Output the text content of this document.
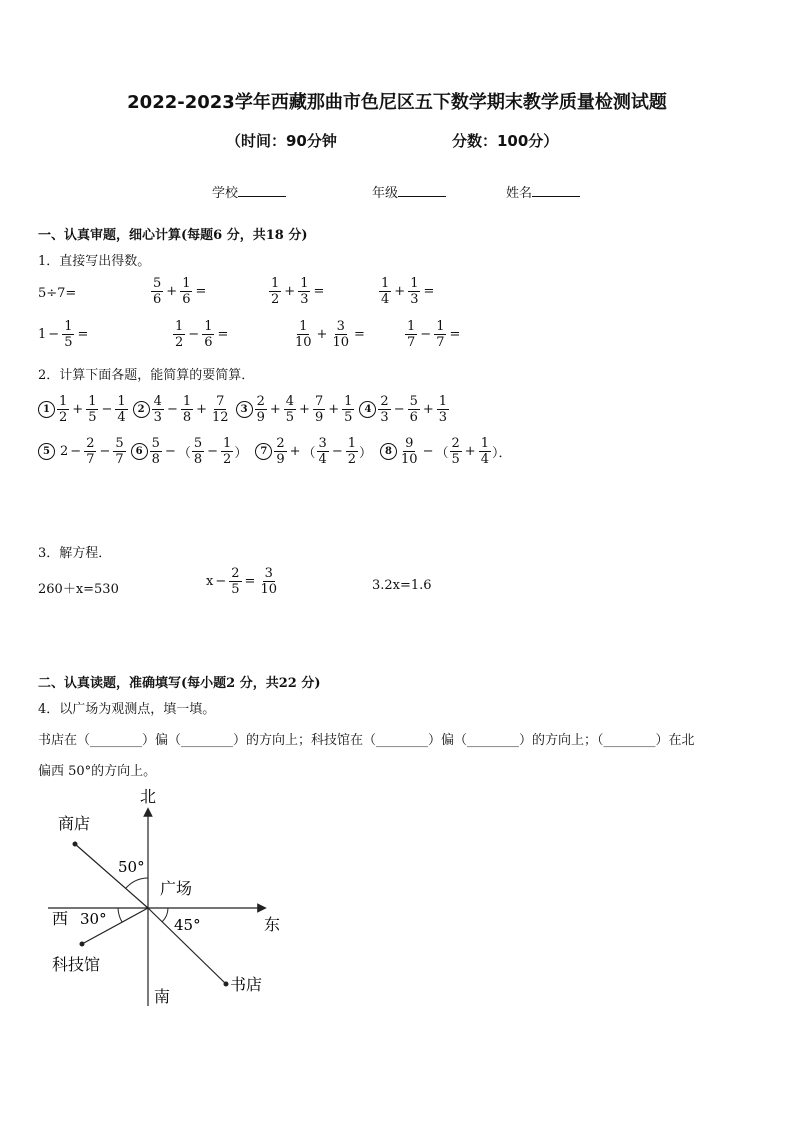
2022-2023学年西藏那曲市色尼区五下数学期末教学质量检测试题
（时间：90分钟	分数：100分）
学校	年级	姓名
一、认真审题，细心计算(每题6 分，共18 分)
1．直接写出得数。
5÷7=	$\frac{5}{6} + \frac{1}{6}$ =	$\frac{1}{2} + \frac{1}{3}$ =	$\frac{1}{4} + \frac{1}{3}$ =
$1 - \frac{1}{5}$ =	$\frac{1}{2} - \frac{1}{6}$ =	$\frac{1}{10} + \frac{3}{10}$ =	$\frac{1}{7} - \frac{1}{7}$ =
2．计算下面各题，能简算的要简算．
$1 \frac{1}{2} + \frac{1}{5} - \frac{1}{4}$	$2 \frac{4}{3} - \frac{1}{8} + \frac{7}{12}$	$3 \frac{2}{9} + \frac{4}{5} + \frac{7}{9} + \frac{1}{5}$	$4 \frac{2}{3} - \frac{5}{6} + \frac{1}{3}$
5 $2 - \frac{2}{7} - \frac{5}{7}$	$6 \frac{5}{8}$ − （ $\frac{5}{8} - \frac{1}{2}$ ）	$7 \frac{2}{9}$ + （ $\frac{3}{4} - \frac{1}{2}$ ）	$8 \frac{9}{10}$ − （ $\frac{2}{5} + \frac{1}{4}$ ）．
3．解方程．
260＋x=530
$x - \frac{2}{5} = \frac{3}{10}$	3.2x=1.6
二、认真读题，准确填写(每小题2 分，共22 分)
4．以广场为观测点，填一填。
书店在（________）偏（________）的方向上；科技馆在（________）偏（________）的方向上；（________）在北
偏西 50°的方向上。
北
南
东
西
商店
广场
科技馆
书店
50°
30°	45°
